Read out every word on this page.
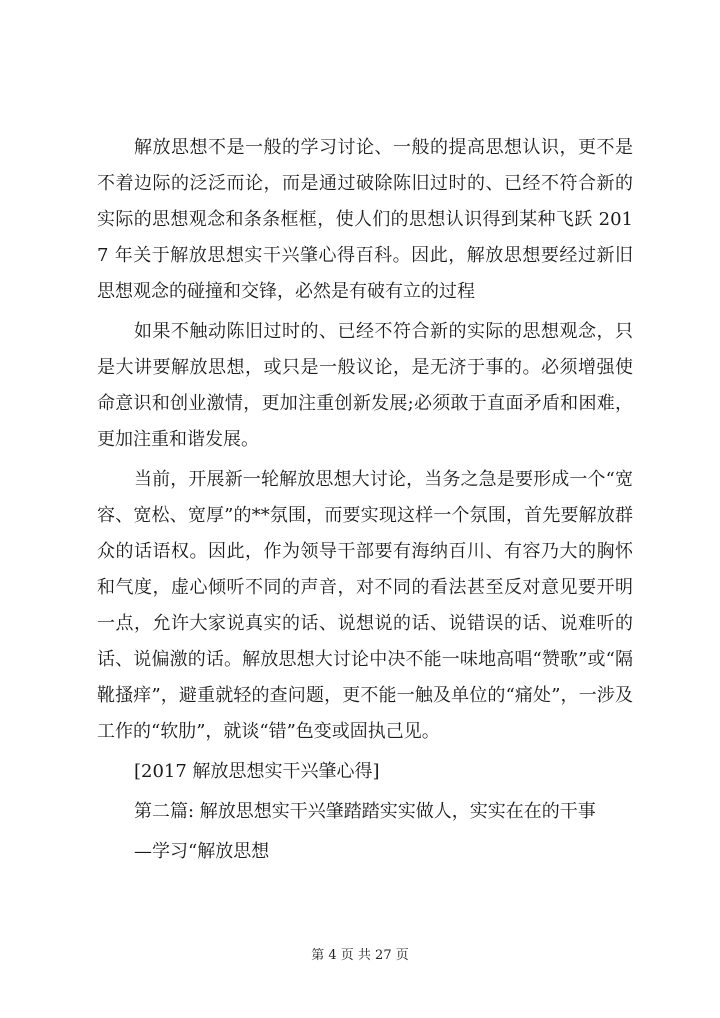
解放思想不是一般的学习讨论、一般的提高思想认识，更不是不着边际的泛泛而论，而是通过破除陈旧过时的、已经不符合新的实际的思想观念和条条框框，使人们的思想认识得到某种飞跃 2017 年关于解放思想实干兴肇心得百科。因此，解放思想要经过新旧思想观念的碰撞和交锋，必然是有破有立的过程

如果不触动陈旧过时的、已经不符合新的实际的思想观念，只是大讲要解放思想，或只是一般议论，是无济于事的。必须增强使命意识和创业激情，更加注重创新发展;必须敢于直面矛盾和困难，更加注重和谐发展。

当前，开展新一轮解放思想大讨论，当务之急是要形成一个“宽容、宽松、宽厚”的**氛围，而要实现这样一个氛围，首先要解放群众的话语权。因此，作为领导干部要有海纳百川、有容乃大的胸怀和气度，虚心倾听不同的声音，对不同的看法甚至反对意见要开明一点，允许大家说真实的话、说想说的话、说错误的话、说难听的话、说偏激的话。解放思想大讨论中决不能一味地高唱“赞歌”或“隔靴搔痒”，避重就轻的查问题，更不能一触及单位的“痛处”，一涉及工作的“软肋”，就谈“错”色变或固执己见。

[2017 解放思想实干兴肇心得]

第二篇: 解放思想实干兴肇踏踏实实做人，实实在在的干事

—学习“解放思想

第 4 页 共 27 页
